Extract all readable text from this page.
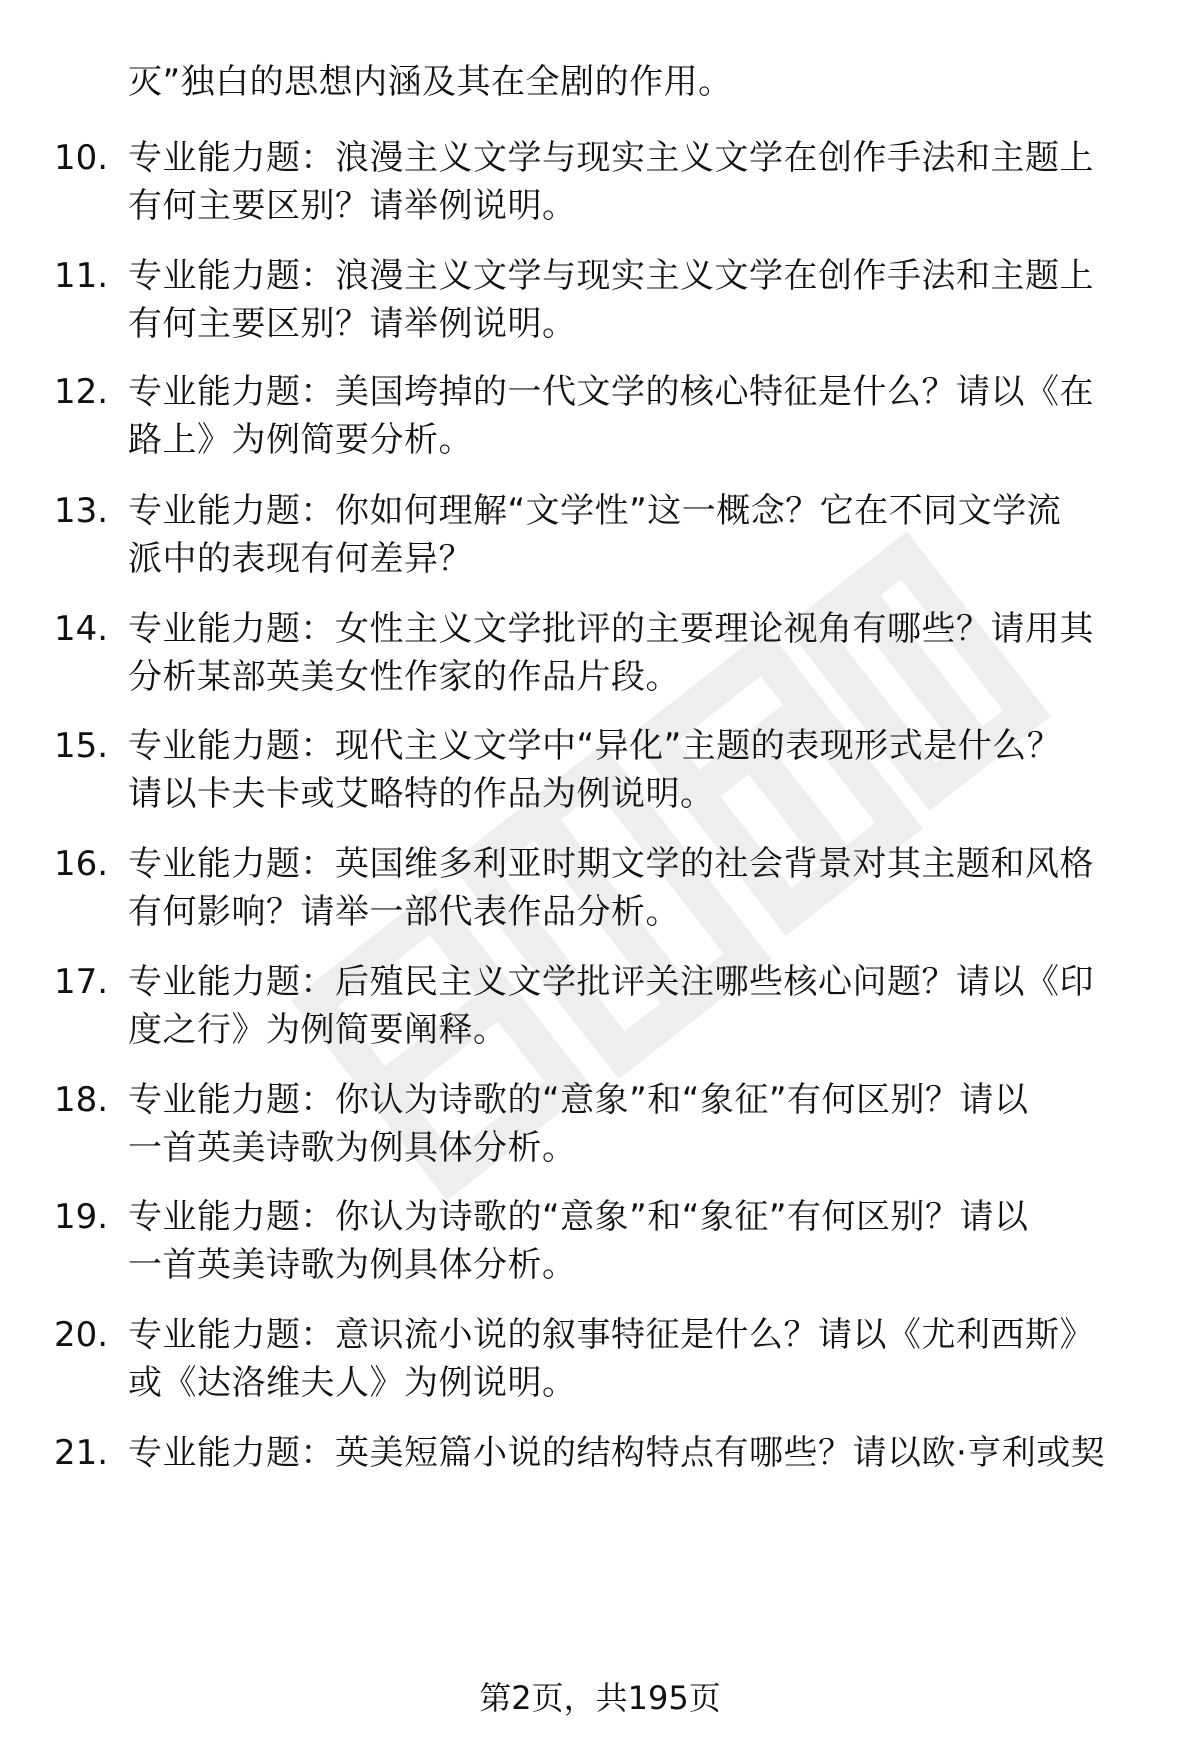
灭”独白的思想内涵及其在全剧的作用。
10. 专业能力题：浪漫主义文学与现实主义文学在创作手法和主题上
有何主要区别？请举例说明。
11. 专业能力题：浪漫主义文学与现实主义文学在创作手法和主题上
有何主要区别？请举例说明。
12. 专业能力题：美国垮掉的一代文学的核心特征是什么？请以《在
路上》为例简要分析。
13. 专业能力题：你如何理解“文学性”这一概念？它在不同文学流
派中的表现有何差异？
14. 专业能力题：女性主义文学批评的主要理论视角有哪些？请用其
分析某部英美女性作家的作品片段。
15. 专业能力题：现代主义文学中“异化”主题的表现形式是什么？
请以卡夫卡或艾略特的作品为例说明。
16. 专业能力题：英国维多利亚时期文学的社会背景对其主题和风格
有何影响？请举一部代表作品分析。
17. 专业能力题：后殖民主义文学批评关注哪些核心问题？请以《印
度之行》为例简要阐释。
18. 专业能力题：你认为诗歌的“意象”和“象征”有何区别？请以
一首英美诗歌为例具体分析。
19. 专业能力题：你认为诗歌的“意象”和“象征”有何区别？请以
一首英美诗歌为例具体分析。
20. 专业能力题：意识流小说的叙事特征是什么？请以《尤利西斯》
或《达洛维夫人》为例说明。
21. 专业能力题：英美短篇小说的结构特点有哪些？请以欧·亨利或契
第2页，共195页
